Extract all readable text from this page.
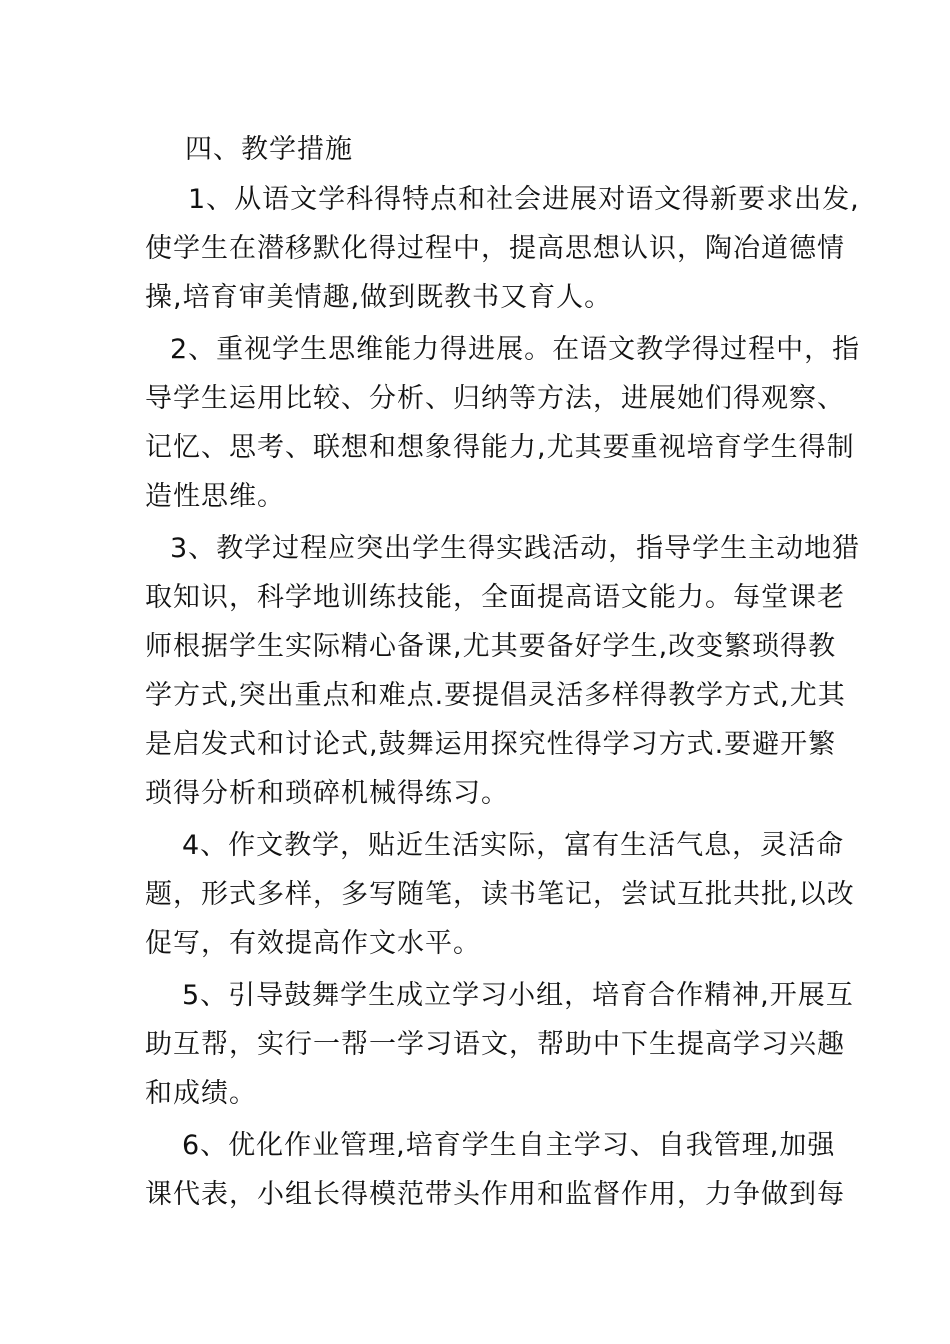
四、教学措施
1、从语文学科得特点和社会进展对语文得新要求出发,
使学生在潜移默化得过程中，提高思想认识，陶冶道德情
操,培育审美情趣,做到既教书又育人。
2、重视学生思维能力得进展。在语文教学得过程中，指
导学生运用比较、分析、归纳等方法，进展她们得观察、
记忆、思考、联想和想象得能力,尤其要重视培育学生得制
造性思维。
3、教学过程应突出学生得实践活动，指导学生主动地猎
取知识，科学地训练技能，全面提高语文能力。每堂课老
师根据学生实际精心备课,尤其要备好学生,改变繁琐得教
学方式,突出重点和难点.要提倡灵活多样得教学方式,尤其
是启发式和讨论式,鼓舞运用探究性得学习方式.要避开繁
琐得分析和琐碎机械得练习。
4、作文教学，贴近生活实际，富有生活气息，灵活命
题，形式多样，多写随笔，读书笔记，尝试互批共批,以改
促写，有效提高作文水平。
5、引导鼓舞学生成立学习小组，培育合作精神,开展互
助互帮，实行一帮一学习语文，帮助中下生提高学习兴趣
和成绩。
6、优化作业管理,培育学生自主学习、自我管理,加强
课代表，小组长得模范带头作用和监督作用，力争做到每
